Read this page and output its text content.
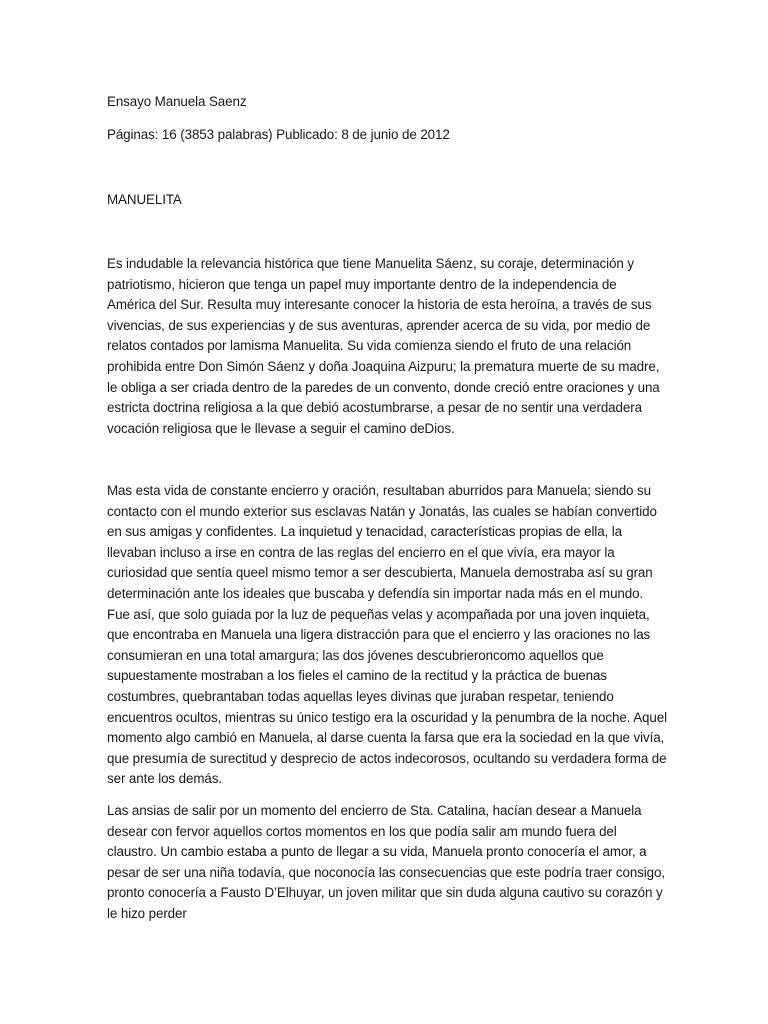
Ensayo Manuela Saenz
Páginas: 16 (3853 palabras) Publicado: 8 de junio de 2012
MANUELITA

Es indudable la relevancia histórica que tiene Manuelita Sáenz, su coraje, determinación y patriotismo, hicieron que tenga un papel muy importante dentro de la independencia de América del Sur. Resulta muy interesante conocer la historia de esta heroína, a través de sus vivencias, de sus experiencias y de sus aventuras, aprender acerca de su vida, por medio de relatos contados por lamisma Manuelita. Su vida comienza siendo el fruto de una relación prohibida entre Don Simón Sáenz y doña Joaquina Aizpuru; la prematura muerte de su madre, le obliga a ser criada dentro de la paredes de un convento, donde creció entre oraciones y una estricta doctrina religiosa a la que debió acostumbrarse, a pesar de no sentir una verdadera vocación religiosa que le llevase a seguir el camino deDios.

Mas esta vida de constante encierro y oración, resultaban aburridos para Manuela; siendo su contacto con el mundo exterior sus esclavas Natán y Jonatás, las cuales se habían convertido en sus amigas y confidentes. La inquietud y tenacidad, características propias de ella, la llevaban incluso a irse en contra de las reglas del encierro en el que vivía, era mayor la curiosidad que sentía queel mismo temor a ser descubierta, Manuela demostraba así su gran determinación ante los ideales que buscaba y defendía sin importar nada más en el mundo. Fue así, que solo guiada por la luz de pequeñas velas y acompañada por una joven inquieta, que encontraba en Manuela una ligera distracción para que el encierro y las oraciones no las consumieran en una total amargura; las dos jóvenes descubrieroncomo aquellos que supuestamente mostraban a los fieles el camino de la rectitud y la práctica de buenas costumbres, quebrantaban todas aquellas leyes divinas que juraban respetar, teniendo encuentros ocultos, mientras su único testigo era la oscuridad y la penumbra de la noche. Aquel momento algo cambió en Manuela, al darse cuenta la farsa que era la sociedad en la que vivía, que presumía de surectitud y desprecio de actos indecorosos, ocultando su verdadera forma de ser ante los demás.

Las ansias de salir por un momento del encierro de Sta. Catalina, hacían desear a Manuela desear con fervor aquellos cortos momentos en los que podía salir am mundo fuera del claustro. Un cambio estaba a punto de llegar a su vida, Manuela pronto conocería el amor, a pesar de ser una niña todavía, que noconocía las consecuencias que este podría traer consigo, pronto conocería a Fausto D’Elhuyar, un joven militar que sin duda alguna cautivo su corazón y le hizo perder
